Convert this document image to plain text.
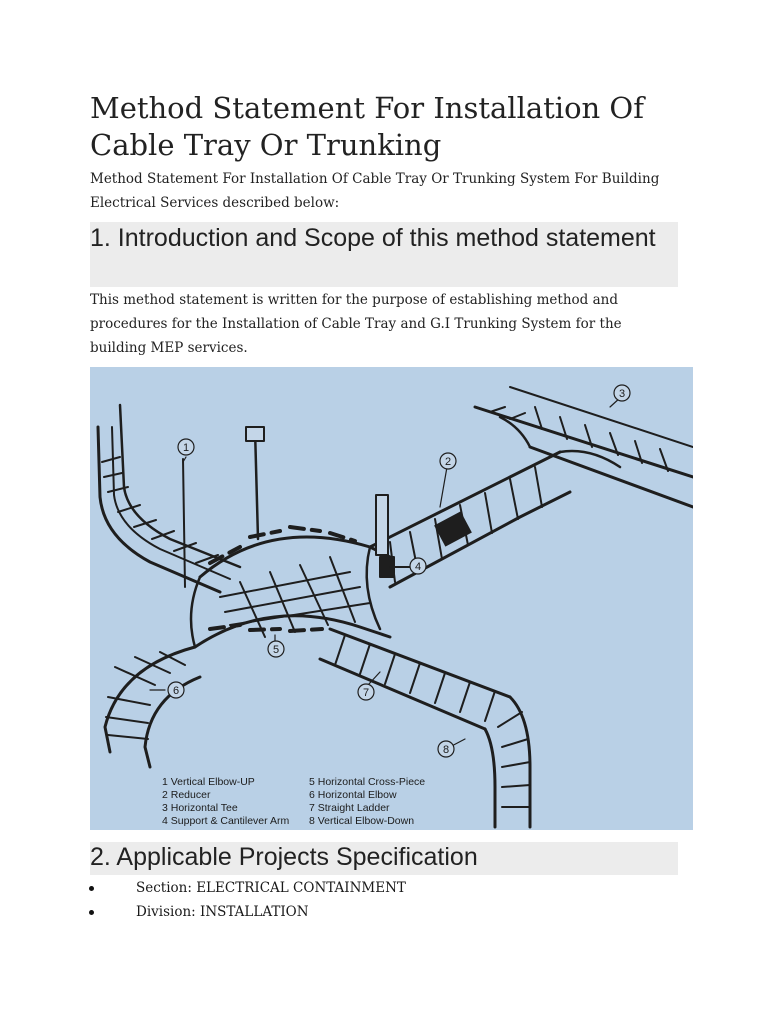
Method Statement For Installation Of Cable Tray Or Trunking
Method Statement For Installation Of Cable Tray Or Trunking System For Building Electrical Services described below:
1. Introduction and Scope of this method statement
This method statement is written for the purpose of establishing method and procedures for the Installation of Cable Tray and G.I Trunking System for the building MEP services.
1
2
3
4
5
6	7
8
1 Vertical Elbow-UP
2 Reducer
3 Horizontal Tee
4 Support & Cantilever Arm
5 Horizontal Cross-Piece
6 Horizontal Elbow
7 Straight Ladder
8 Vertical Elbow-Down
2. Applicable Projects Specification
Section: ELECTRICAL CONTAINMENT
Division: INSTALLATION
